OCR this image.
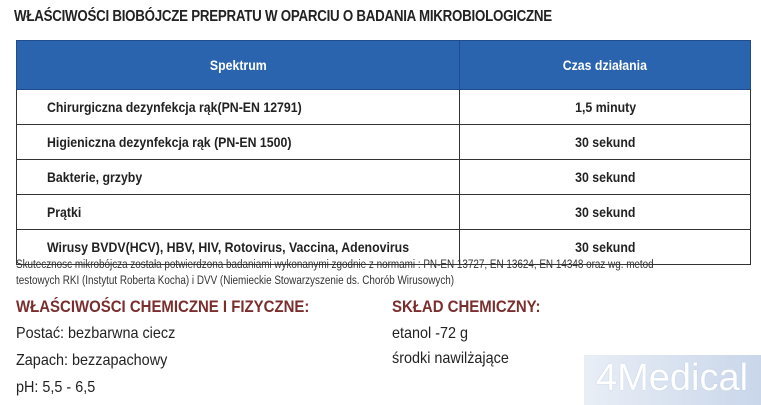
WŁAŚCIWOŚCI BIOBÓJCZE PREPRATU W OPARCIU O BADANIA MIKROBIOLOGICZNE
Spektrum	Czas działania
Chirurgiczna dezynfekcja rąk(PN-EN 12791)	1,5 minuty
Higieniczna dezynfekcja rąk (PN-EN 1500)	30 sekund
Bakterie, grzyby	30 sekund
Prątki	30 sekund
Wirusy BVDV(HCV), HBV, HIV, Rotovirus, Vaccina, Adenovirus	30 sekund
Skutecznosc mikrobójcza została potwierdzona badaniami wykonanymi zgodnie z normami : PN-EN 13727, EN 13624, EN 14348 oraz wg. metod
testowych RKI (Instytut Roberta Kocha) i DVV (Niemieckie Stowarzyszenie ds. Chorób Wirusowych)
WŁAŚCIWOŚCI CHEMICZNE I FIZYCZNE:
Postać: bezbarwna ciecz
Zapach: bezzapachowy
pH: 5,5 - 6,5
SKŁAD CHEMICZNY:
etanol -72 g
środki nawilżające 4Medical
